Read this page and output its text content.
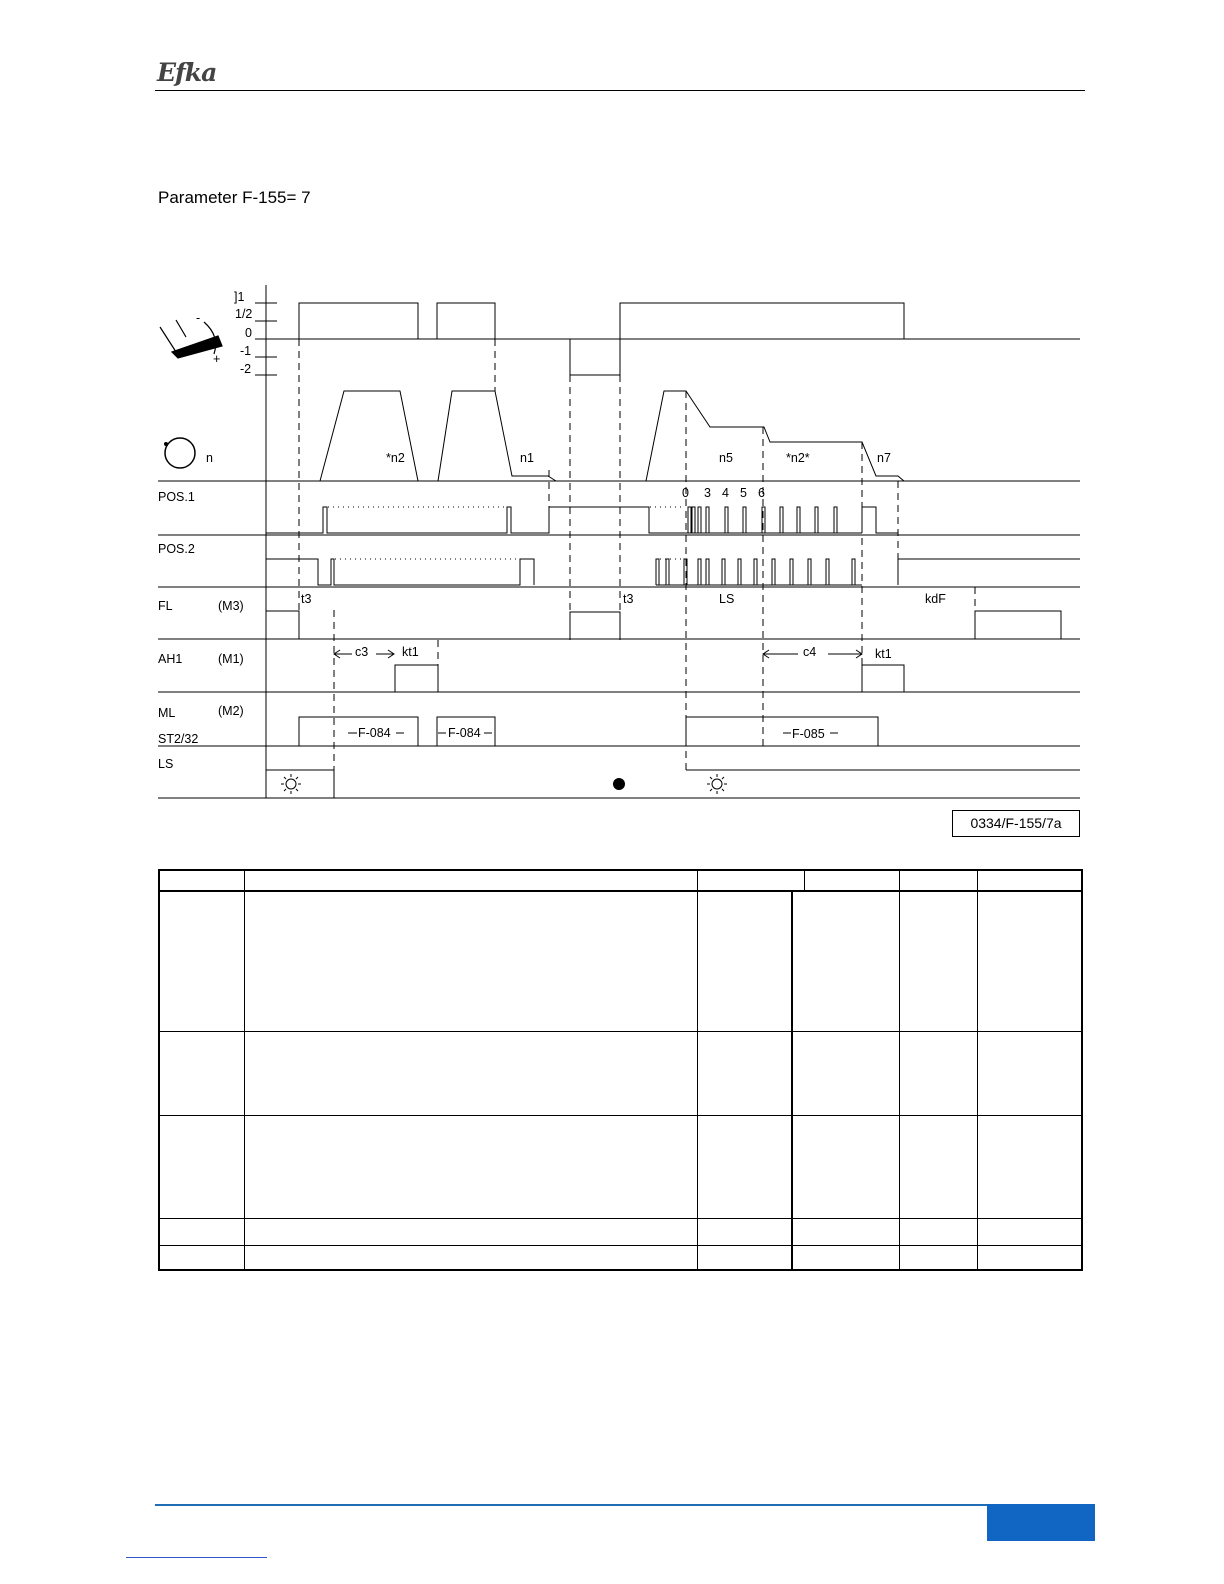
Efka
Parameter F-155= 7
-
+
n
]1
1/2
0
-1
-2
*n2	n1	n5	*n2*	n7
0 3 4 5 6
POS.1
POS.2
FL	(M3)
AH1	(M1)
ML	(M2)
ST2/32
LS
t3	t3	LS	kdF
c3	kt1	c4	kt1
F-084	F-084	F-085
0334/F-155/7a
